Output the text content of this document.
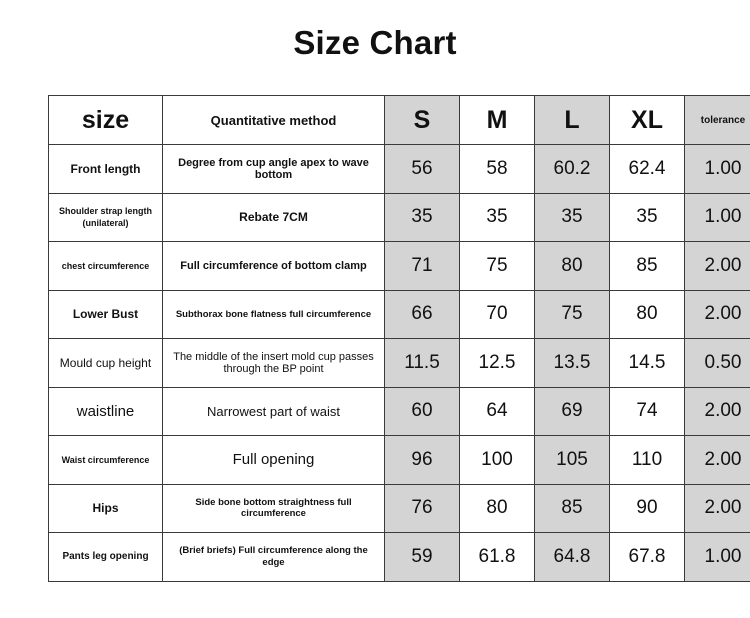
Size Chart
size	Quantitative method	S	M	L	XL	tolerance
Front length	Degree from cup angle apex to wave bottom	56	58	60.2	62.4	1.00
Shoulder strap length (unilateral)	Rebate 7CM	35	35	35	35	1.00
chest circumference	Full circumference of bottom clamp	71	75	80	85	2.00
Lower Bust	Subthorax bone flatness full circumference	66	70	75	80	2.00
Mould cup height	The middle of the insert mold cup passes through the BP point	11.5	12.5	13.5	14.5	0.50
waistline	Narrowest part of waist	60	64	69	74	2.00
Waist circumference	Full opening	96	100	105	110	2.00
Hips	Side bone bottom straightness full circumference	76	80	85	90	2.00
Pants leg opening	(Brief briefs) Full circumference along the edge	59	61.8	64.8	67.8	1.00
